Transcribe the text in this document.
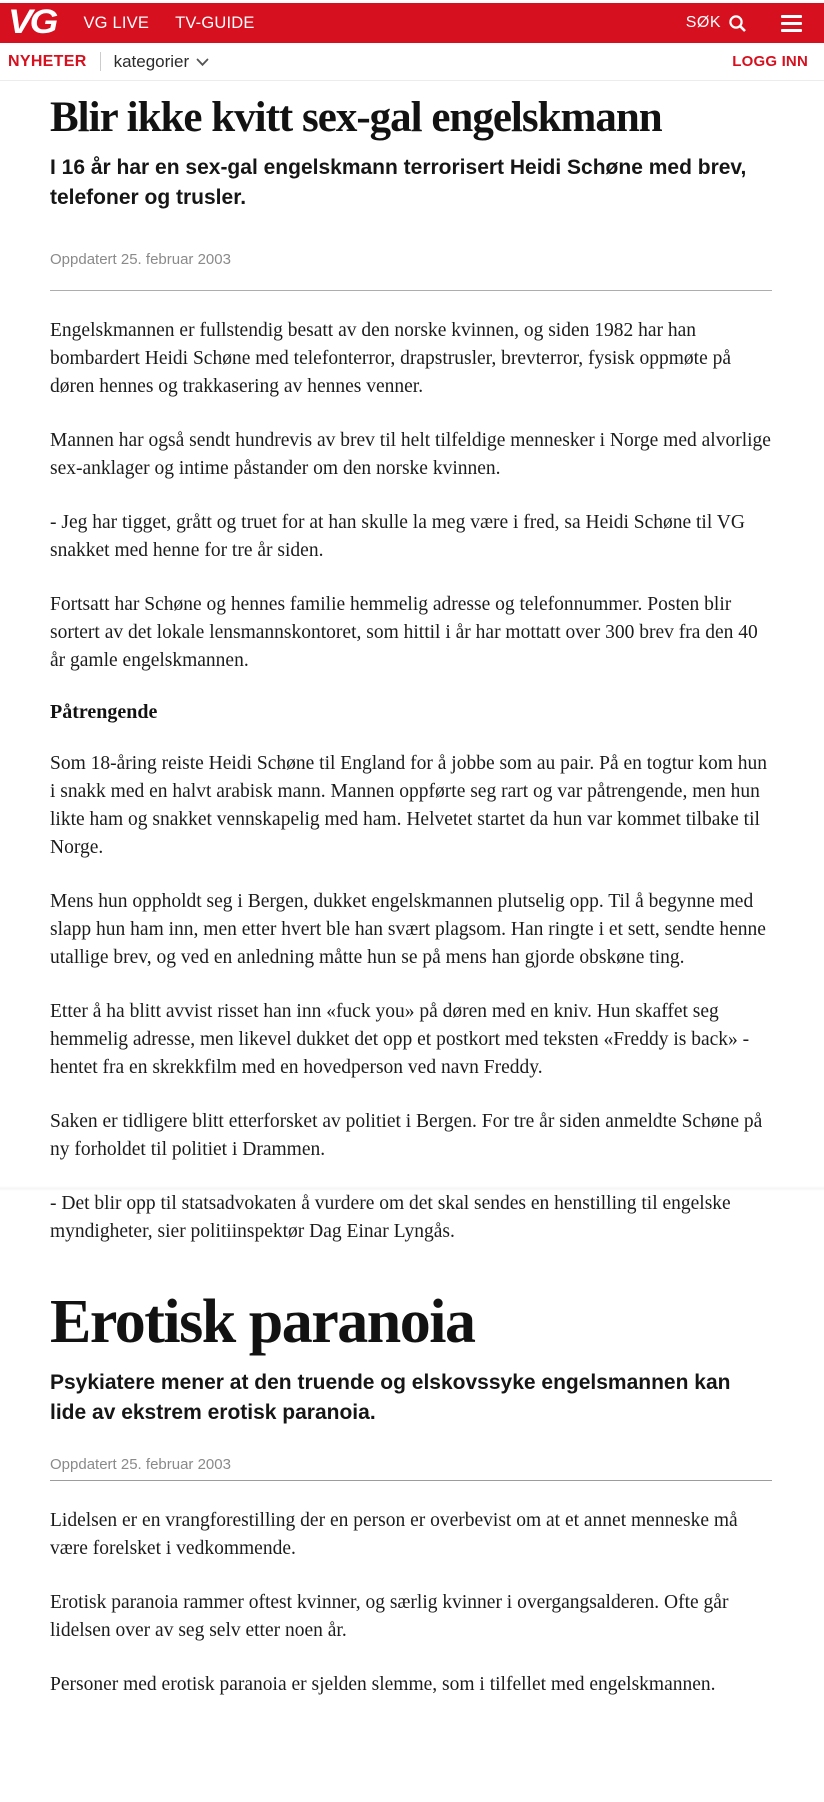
VG	VG LIVE TV-GUIDE	SØK
NYHETER kategorier	LOGG INN
Blir ikke kvitt sex-gal engelskmann
I 16 år har en sex-gal engelskmann terrorisert Heidi Schøne med brev, telefoner og trusler.
Oppdatert 25. februar 2003

Engelskmannen er fullstendig besatt av den norske kvinnen, og siden 1982 har han bombardert Heidi Schøne med telefonterror, drapstrusler, brevterror, fysisk oppmøte på døren hennes og trakkasering av hennes venner.

Mannen har også sendt hundrevis av brev til helt tilfeldige mennesker i Norge med alvorlige sex-anklager og intime påstander om den norske kvinnen.

- Jeg har tigget, grått og truet for at han skulle la meg være i fred, sa Heidi Schøne til VG snakket med henne for tre år siden.

Fortsatt har Schøne og hennes familie hemmelig adresse og telefonnummer. Posten blir sortert av det lokale lensmannskontoret, som hittil i år har mottatt over 300 brev fra den 40 år gamle engelskmannen.

Påtrengende

Som 18-åring reiste Heidi Schøne til England for å jobbe som au pair. På en togtur kom hun i snakk med en halvt arabisk mann. Mannen oppførte seg rart og var påtrengende, men hun likte ham og snakket vennskapelig med ham. Helvetet startet da hun var kommet tilbake til Norge.

Mens hun oppholdt seg i Bergen, dukket engelskmannen plutselig opp. Til å begynne med slapp hun ham inn, men etter hvert ble han svært plagsom. Han ringte i et sett, sendte henne utallige brev, og ved en anledning måtte hun se på mens han gjorde obskøne ting.

Etter å ha blitt avvist risset han inn «fuck you» på døren med en kniv. Hun skaffet seg hemmelig adresse, men likevel dukket det opp et postkort med teksten «Freddy is back» - hentet fra en skrekkfilm med en hovedperson ved navn Freddy.

Saken er tidligere blitt etterforsket av politiet i Bergen. For tre år siden anmeldte Schøne på ny forholdet til politiet i Drammen.

- Det blir opp til statsadvokaten å vurdere om det skal sendes en henstilling til engelske myndigheter, sier politiinspektør Dag Einar Lyngås.

Erotisk paranoia
Psykiatere mener at den truende og elskovssyke engelsmannen kan lide av ekstrem erotisk paranoia.
Oppdatert 25. februar 2003

Lidelsen er en vrangforestilling der en person er overbevist om at et annet menneske må være forelsket i vedkommende.

Erotisk paranoia rammer oftest kvinner, og særlig kvinner i overgangsalderen. Ofte går lidelsen over av seg selv etter noen år.

Personer med erotisk paranoia er sjelden slemme, som i tilfellet med engelskmannen.
